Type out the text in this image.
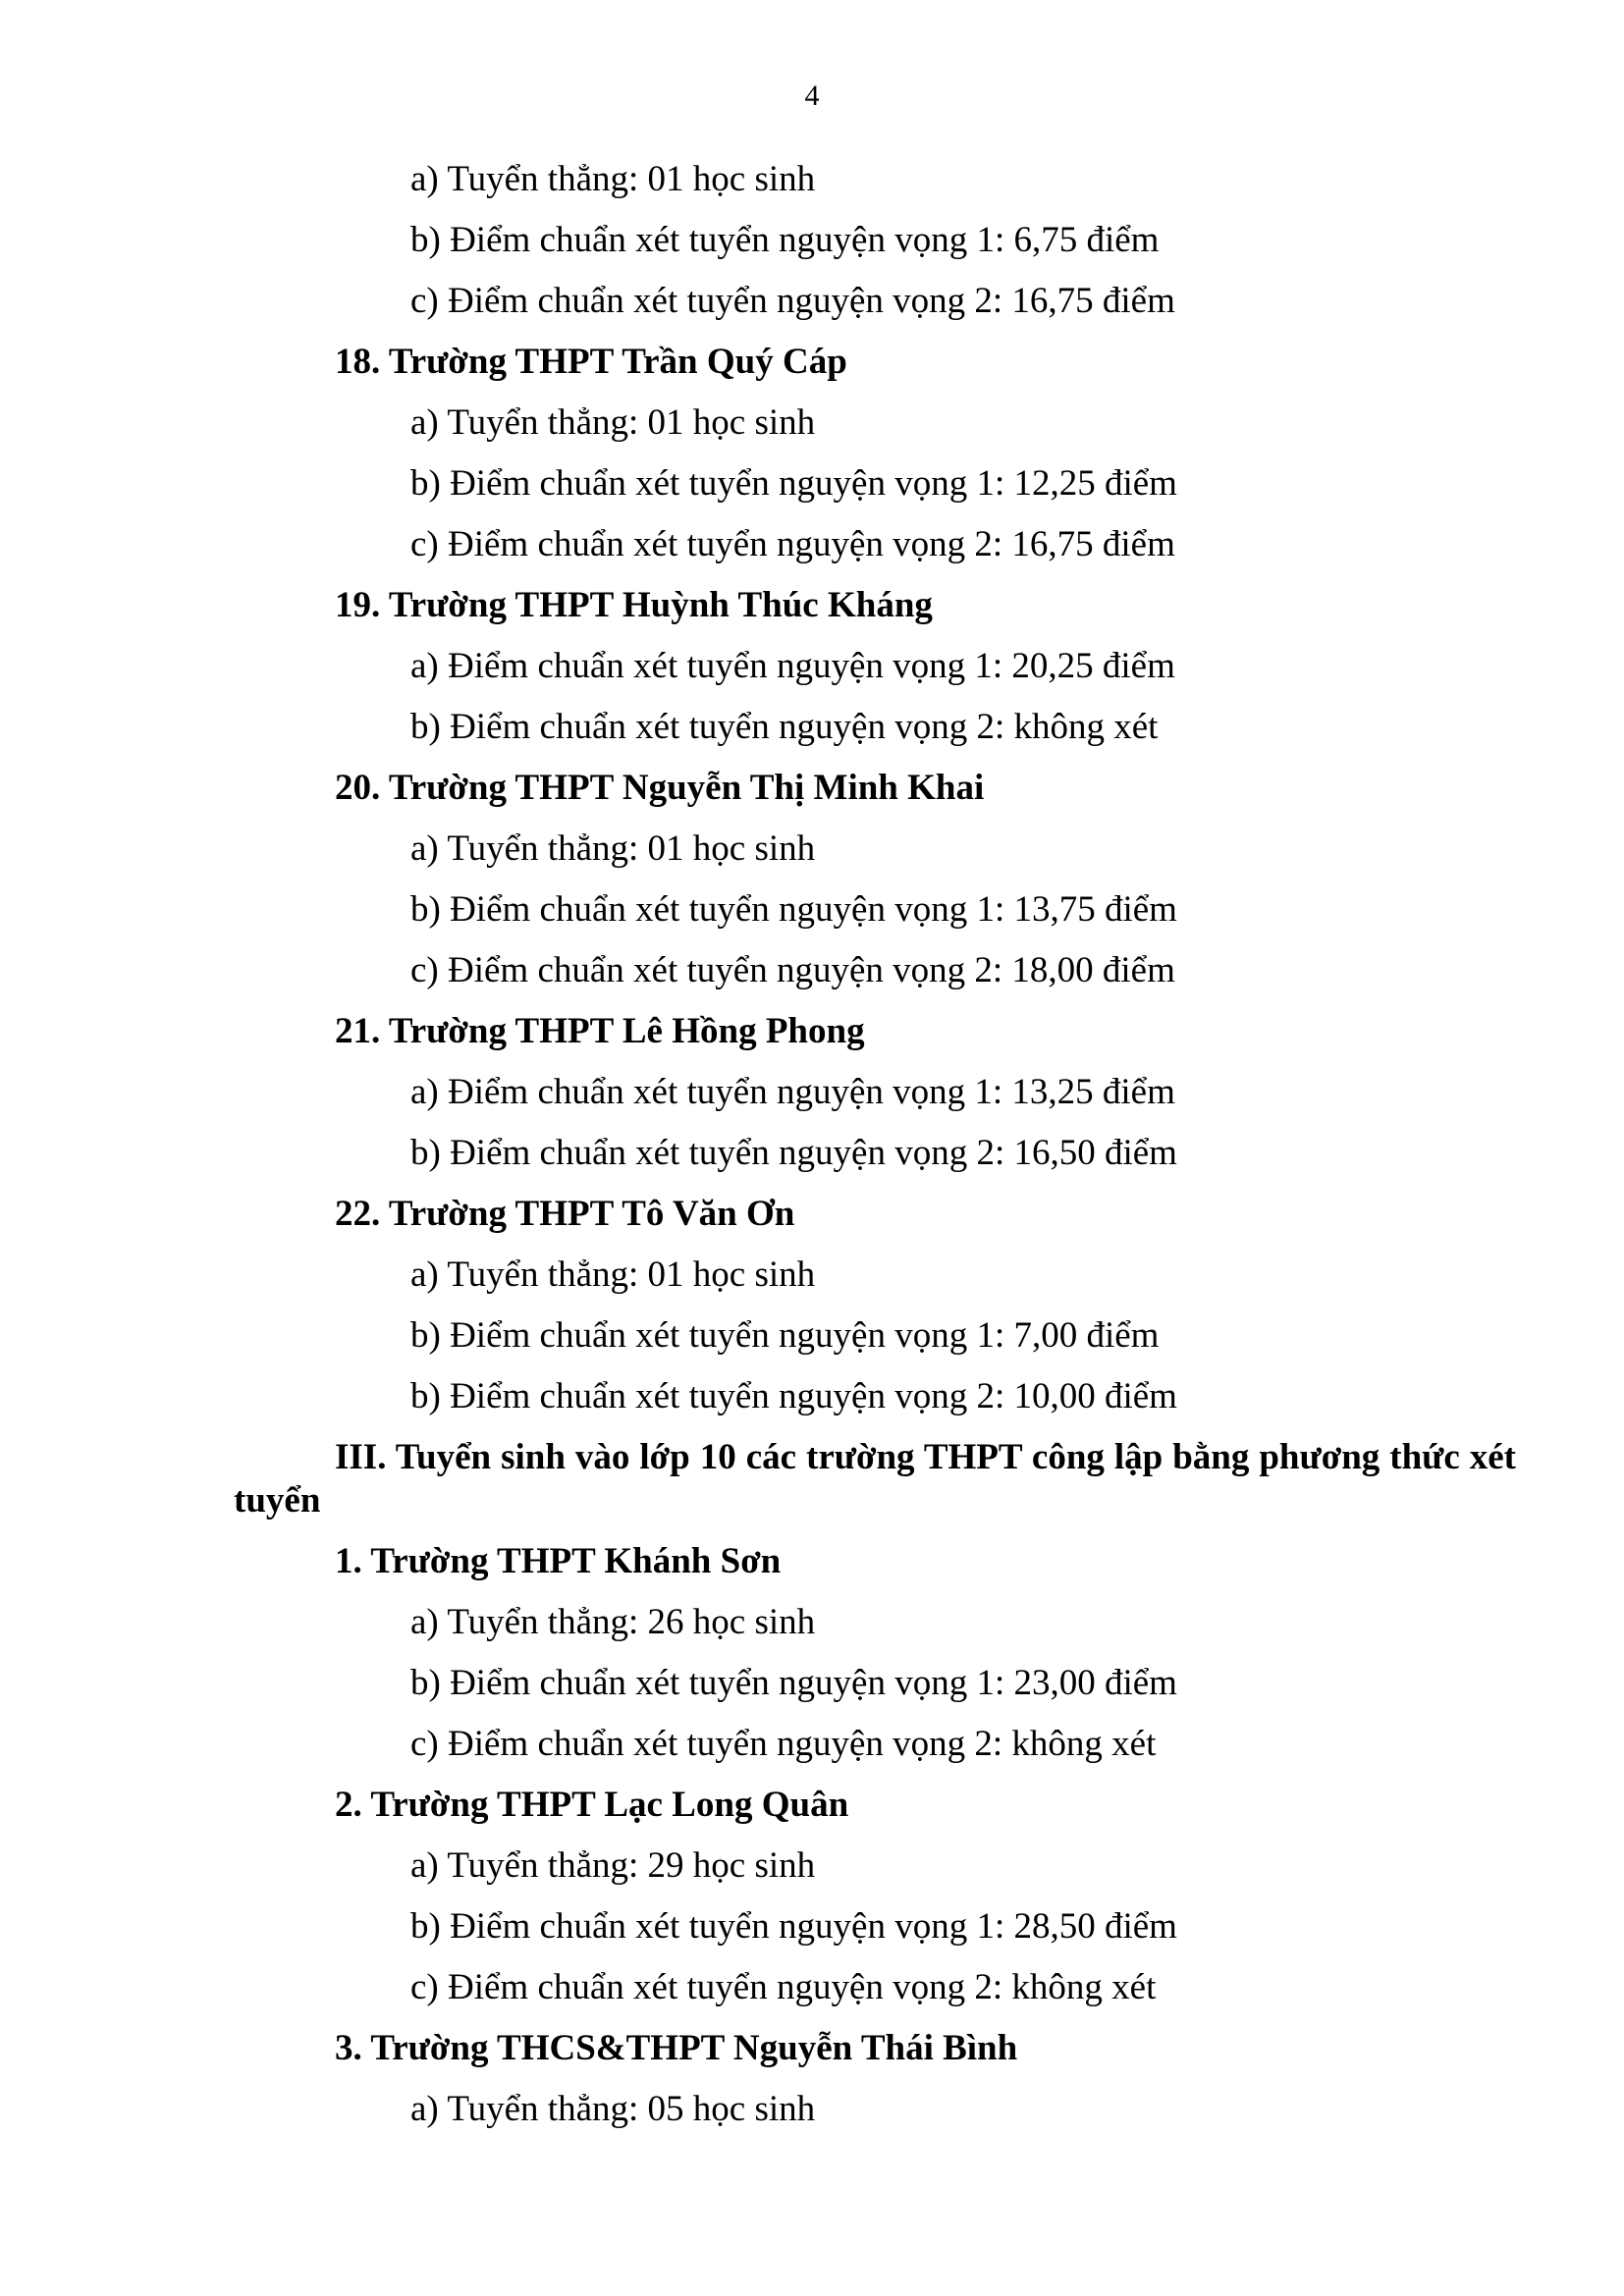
4
a) Tuyển thẳng: 01 học sinh
b) Điểm chuẩn xét tuyển nguyện vọng 1: 6,75 điểm
c) Điểm chuẩn xét tuyển nguyện vọng 2: 16,75 điểm
18. Trường THPT Trần Quý Cáp
a) Tuyển thẳng: 01 học sinh
b) Điểm chuẩn xét tuyển nguyện vọng 1: 12,25 điểm
c) Điểm chuẩn xét tuyển nguyện vọng 2: 16,75 điểm
19. Trường THPT Huỳnh Thúc Kháng
a) Điểm chuẩn xét tuyển nguyện vọng 1: 20,25 điểm
b) Điểm chuẩn xét tuyển nguyện vọng 2: không xét
20. Trường THPT Nguyễn Thị Minh Khai
a) Tuyển thẳng: 01 học sinh
b) Điểm chuẩn xét tuyển nguyện vọng 1: 13,75 điểm
c) Điểm chuẩn xét tuyển nguyện vọng 2: 18,00 điểm
21. Trường THPT Lê Hồng Phong
a) Điểm chuẩn xét tuyển nguyện vọng 1: 13,25 điểm
b) Điểm chuẩn xét tuyển nguyện vọng 2: 16,50 điểm
22. Trường THPT Tô Văn Ơn
a) Tuyển thẳng: 01 học sinh
b) Điểm chuẩn xét tuyển nguyện vọng 1: 7,00 điểm
b) Điểm chuẩn xét tuyển nguyện vọng 2: 10,00 điểm
III. Tuyển sinh vào lớp 10 các trường THPT công lập bằng phương thức xét tuyển
1. Trường THPT Khánh Sơn
a) Tuyển thẳng: 26 học sinh
b) Điểm chuẩn xét tuyển nguyện vọng 1: 23,00 điểm
c) Điểm chuẩn xét tuyển nguyện vọng 2: không xét
2. Trường THPT Lạc Long Quân
a) Tuyển thẳng: 29 học sinh
b) Điểm chuẩn xét tuyển nguyện vọng 1: 28,50 điểm
c) Điểm chuẩn xét tuyển nguyện vọng 2: không xét
3. Trường THCS&THPT Nguyễn Thái Bình
a) Tuyển thẳng: 05 học sinh
